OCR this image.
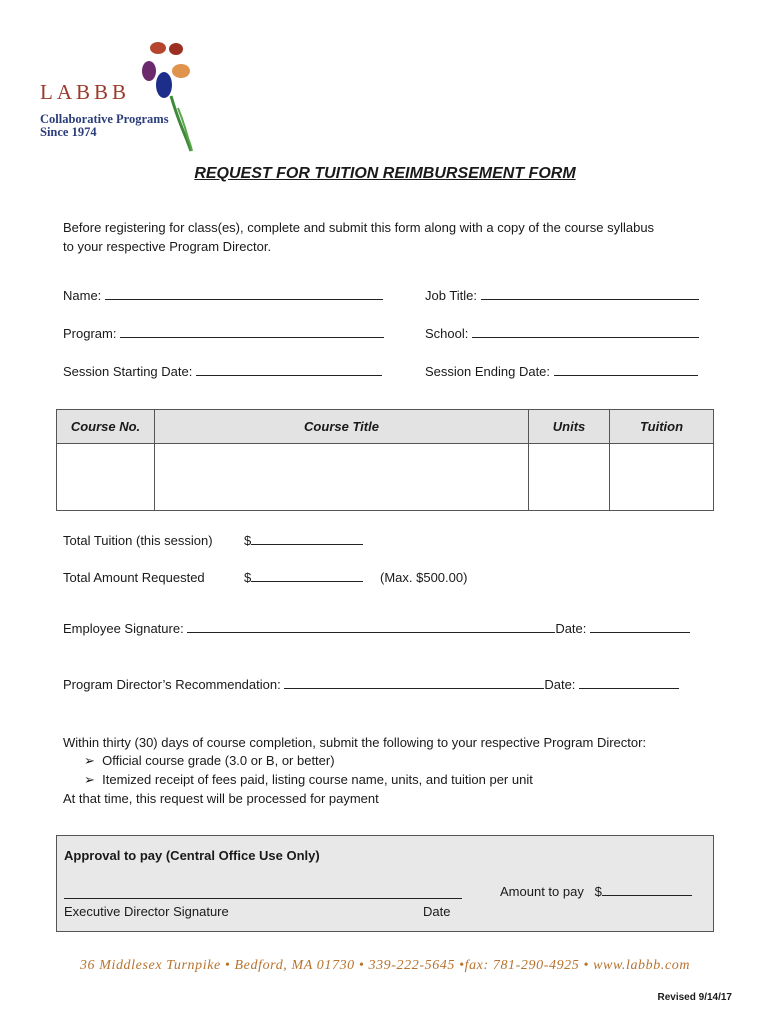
LABBB
Collaborative Programs
Since 1974
REQUEST FOR TUITION REIMBURSEMENT FORM
Before registering for class(es), complete and submit this form along with a copy of the course syllabus
to your respective Program Director.
Name:	Job Title:
Program:	School:
Session Starting Date:	Session Ending Date:
Course No.	Course Title	Units	Tuition
Total Tuition (this session) $
Total Amount Requested	$	(Max. $500.00)
Employee Signature:	Date:
Program Director’s Recommendation:	Date:
Within thirty (30) days of course completion, submit the following to your respective Program Director:
➢ Official course grade (3.0 or B, or better)
➢ Itemized receipt of fees paid, listing course name, units, and tuition per unit
At that time, this request will be processed for payment
Approval to pay (Central Office Use Only)
Amount to pay $
Executive Director Signature	Date
36 Middlesex Turnpike • Bedford, MA 01730 • 339-222-5645 •fax: 781-290-4925 • www.labbb.com
Revised 9/14/17
